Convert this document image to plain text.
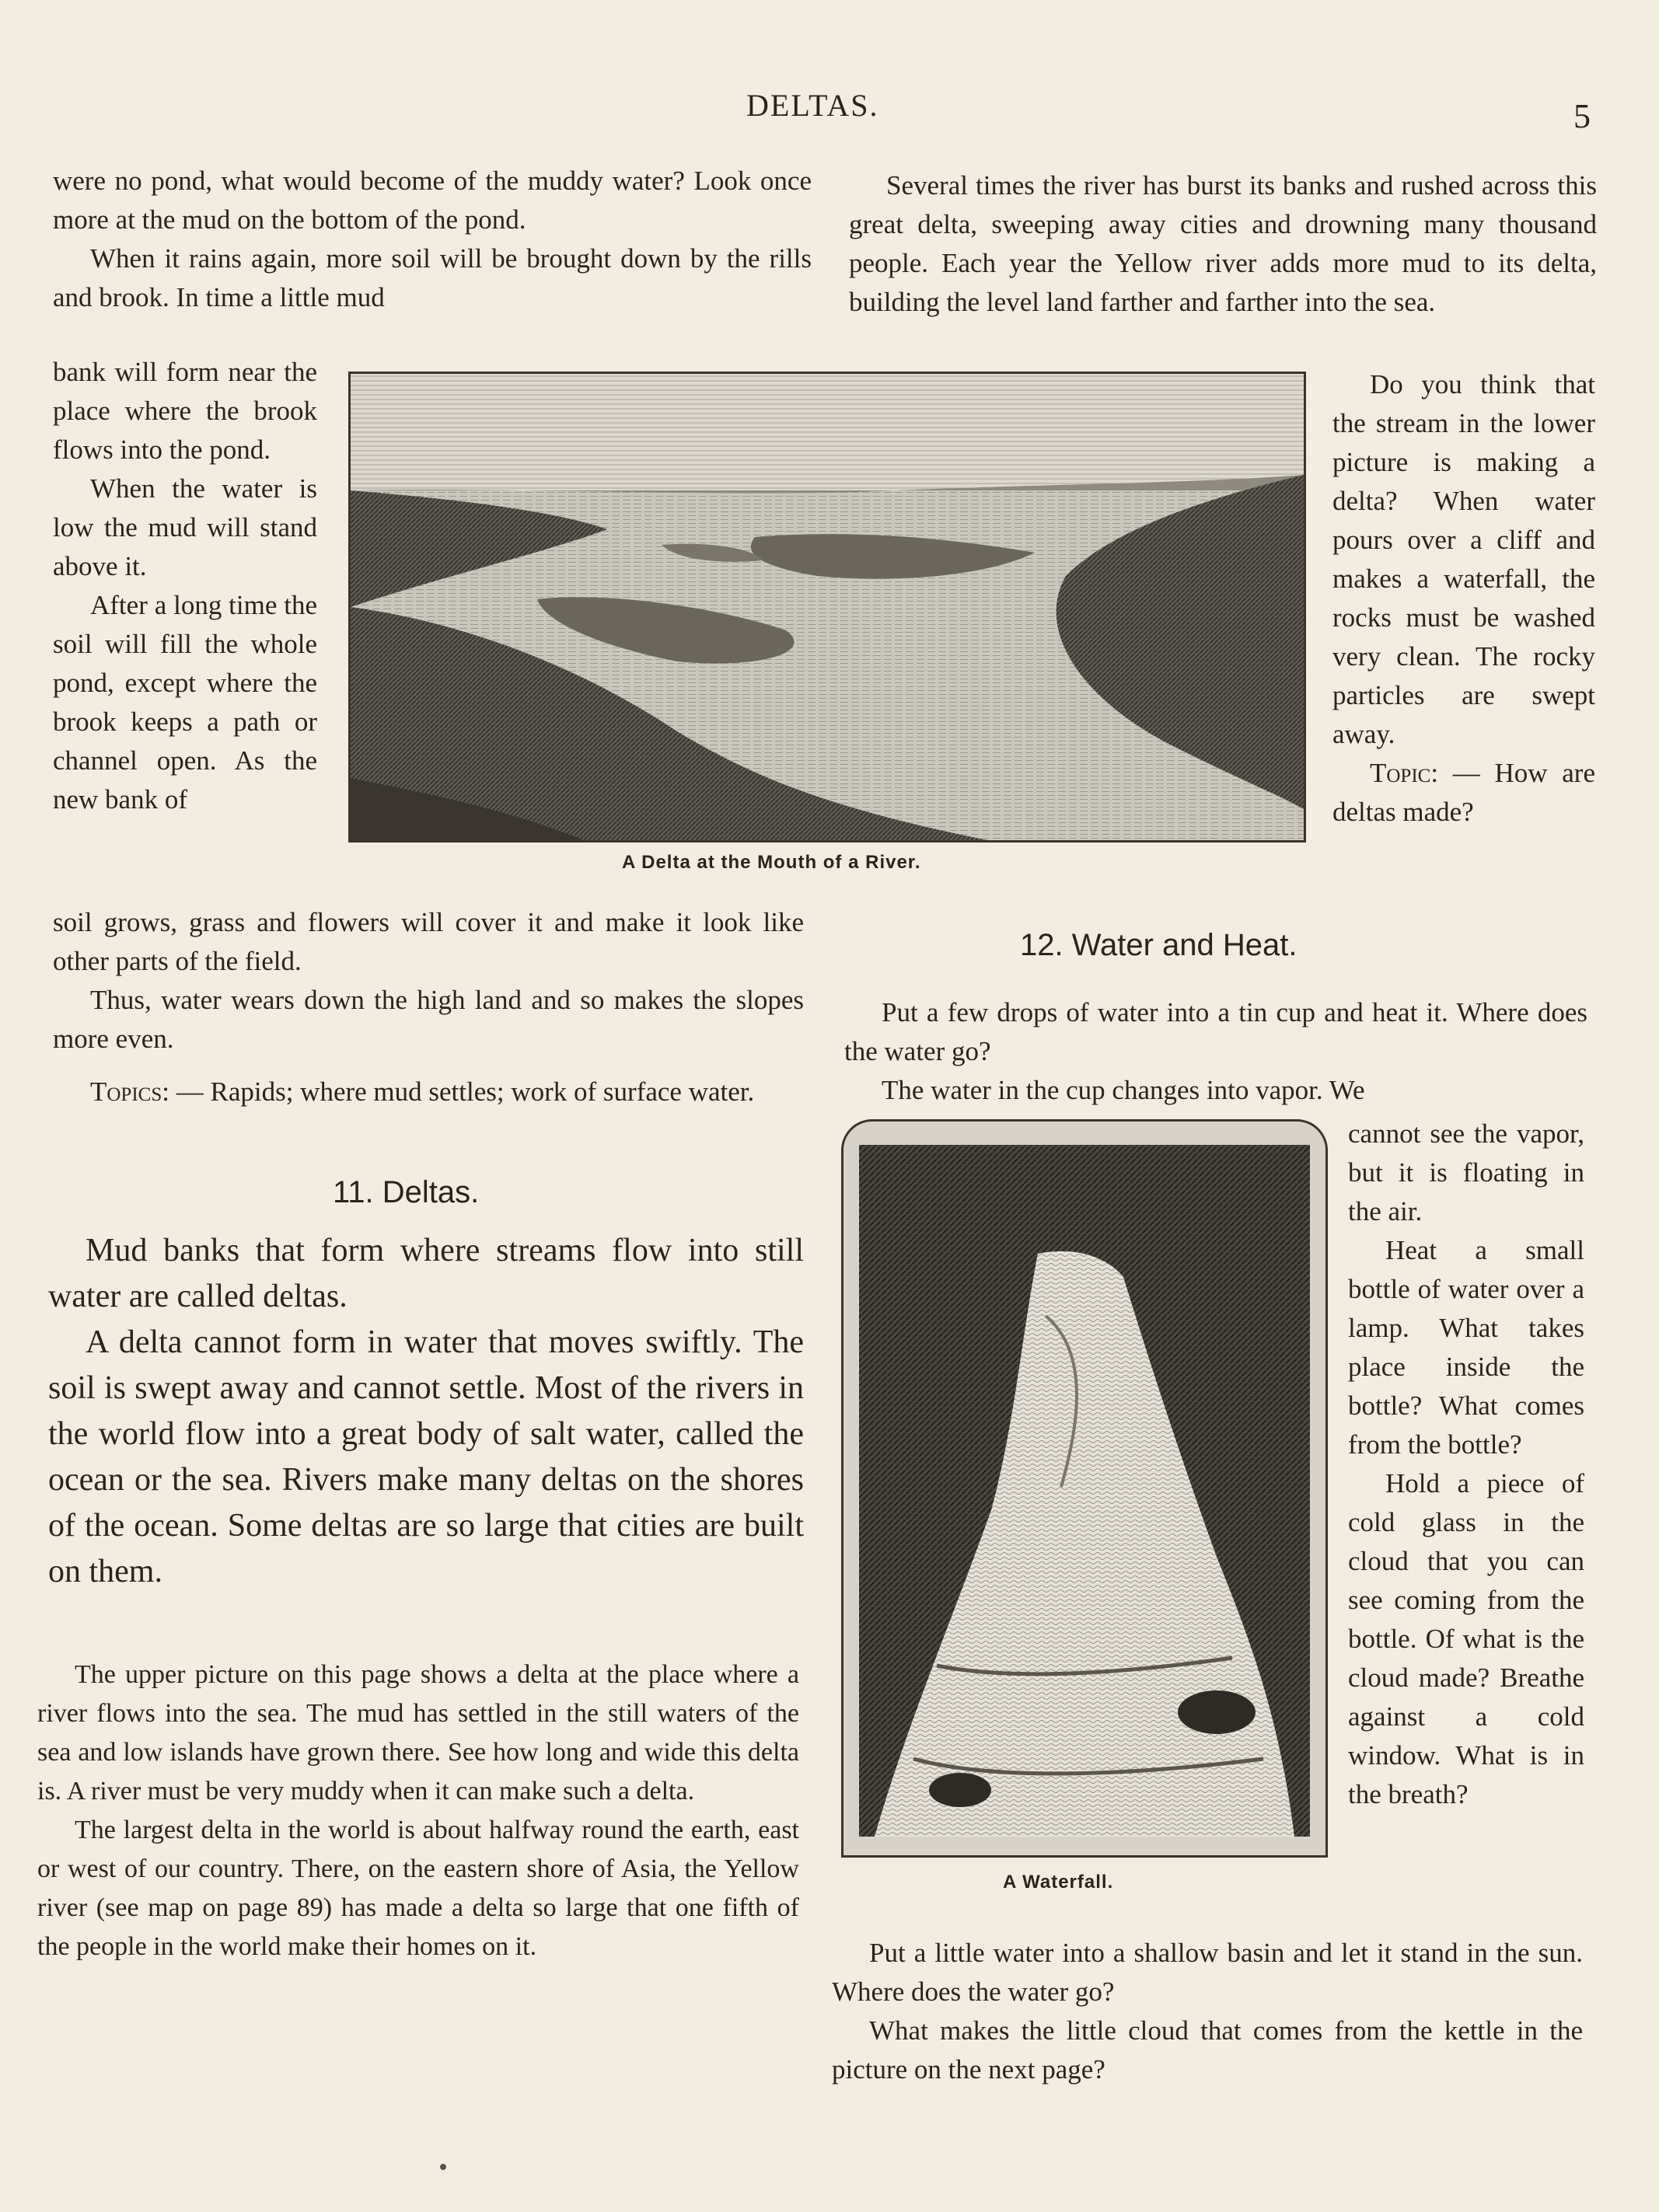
DELTAS.	5

were no pond, what would become of the muddy water? Look once more at the mud on the bottom of the pond.

When it rains again, more soil will be brought down by the rills and brook. In time a little mud

bank will form near the place where the brook flows into the pond.

When the water is low the mud will stand above it.

After a long time the soil will fill the whole pond, except where the brook keeps a path or channel open. As the new bank of

soil grows, grass and flowers will cover it and make it look like other parts of the field.

Thus, water wears down the high land and so makes the slopes more even.

Topics: — Rapids; where mud settles; work of surface water.

11. Deltas.

Mud banks that form where streams flow into still water are called deltas.

A delta cannot form in water that moves swiftly. The soil is swept away and cannot settle. Most of the rivers in the world flow into a great body of salt water, called the ocean or the sea. Rivers make many deltas on the shores of the ocean. Some deltas are so large that cities are built on them.

The upper picture on this page shows a delta at the place where a river flows into the sea. The mud has settled in the still waters of the sea and low islands have grown there. See how long and wide this delta is. A river must be very muddy when it can make such a delta.

The largest delta in the world is about halfway round the earth, east or west of our country. There, on the eastern shore of Asia, the Yellow river (see map on page 89) has made a delta so large that one fifth of the people in the world make their homes on it.

Several times the river has burst its banks and rushed across this great delta, sweeping away cities and drowning many thousand people. Each year the Yellow river adds more mud to its delta, building the level land farther and farther into the sea.

Do you think that the stream in the lower picture is making a delta? When water pours over a cliff and makes a waterfall, the rocks must be washed very clean. The rocky particles are swept away.

Topic: — How are deltas made?

12. Water and Heat.

Put a few drops of water into a tin cup and heat it. Where does the water go?

The water in the cup changes into vapor. We

cannot see the vapor, but it is floating in the air.

Heat a small bottle of water over a lamp. What takes place inside the bottle? What comes from the bottle?

Hold a piece of cold glass in the cloud that you can see coming from the bottle. Of what is the cloud made? Breathe against a cold window. What is in the breath?

Put a little water into a shallow basin and let it stand in the sun. Where does the water go?

What makes the little cloud that comes from the kettle in the picture on the next page?

A Delta at the Mouth of a River.
A Waterfall.
